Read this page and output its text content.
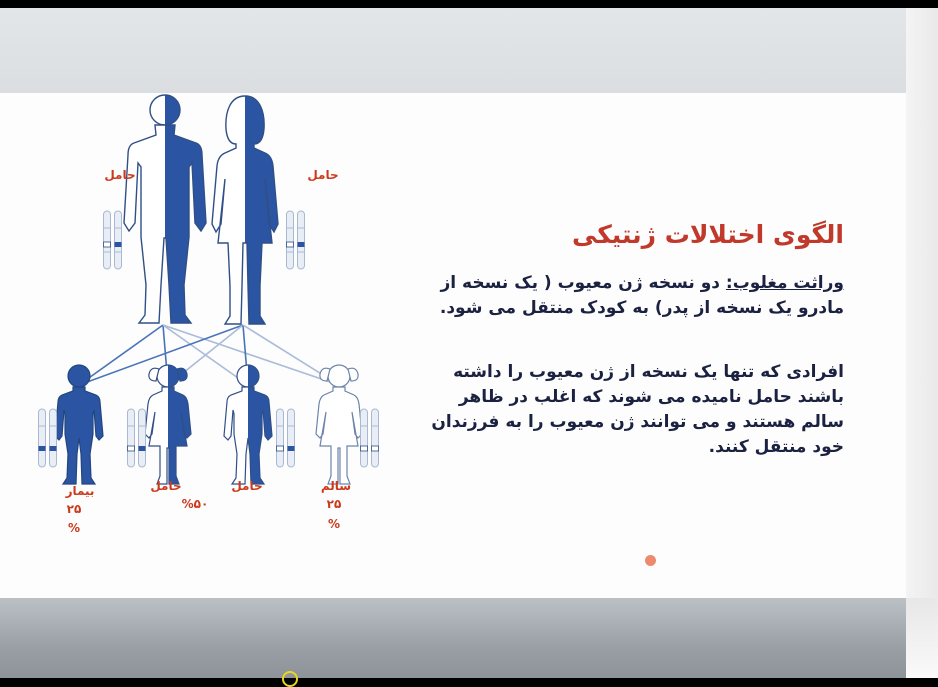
حامل	حامل
بیمار
۲۵
%
حامل
%۵۰
حامل	سالم
۲۵
%
الگوی اختلالات ژنتیکی

وراثت مغلوب: دو نسخه ژن معیوب ( یک نسخه از مادرو یک نسخه از پدر) به کودک منتقل می شود.

افرادی که تنها یک نسخه از ژن معیوب را داشته باشند حامل نامیده می شوند که اغلب در ظاهر سالم هستند و می توانند ژن معیوب را به فرزندان خود منتقل کنند.
